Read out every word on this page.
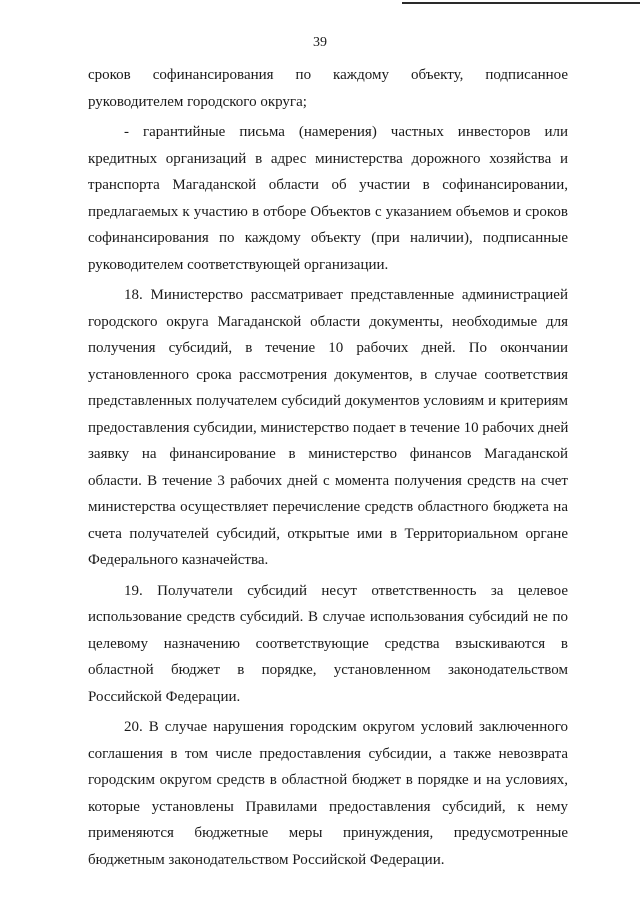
39
сроков софинансирования по каждому объекту, подписанное
руководителем городского округа;
- гарантийные письма (намерения) частных инвесторов или
кредитных организаций в адрес министерства дорожного хозяйства и
транспорта Магаданской области об участии в софинансировании,
предлагаемых к участию в отборе Объектов с указанием объемов и сроков
софинансирования по каждому объекту (при наличии), подписанные
руководителем соответствующей организации.
18. Министерство рассматривает представленные администрацией
городского округа Магаданской области документы, необходимые для
получения субсидий, в течение 10 рабочих дней. По окончании
установленного срока рассмотрения документов, в случае соответствия
представленных получателем субсидий документов условиям и критериям
предоставления субсидии, министерство подает в течение 10 рабочих дней
заявку на финансирование в министерство финансов Магаданской
области. В течение 3 рабочих дней с момента получения средств на счет
министерства осуществляет перечисление средств областного бюджета на
счета получателей субсидий, открытые ими в Территориальном органе
Федерального казначейства.
19. Получатели субсидий несут ответственность за целевое
использование средств субсидий. В случае использования субсидий не по
целевому назначению соответствующие средства взыскиваются в
областной бюджет в порядке, установленном законодательством
Российской Федерации.
20. В случае нарушения городским округом условий заключенного
соглашения в том числе предоставления субсидии, а также невозврата
городским округом средств в областной бюджет в порядке и на условиях,
которые установлены Правилами предоставления субсидий, к нему
применяются бюджетные меры принуждения, предусмотренные
бюджетным законодательством Российской Федерации.
